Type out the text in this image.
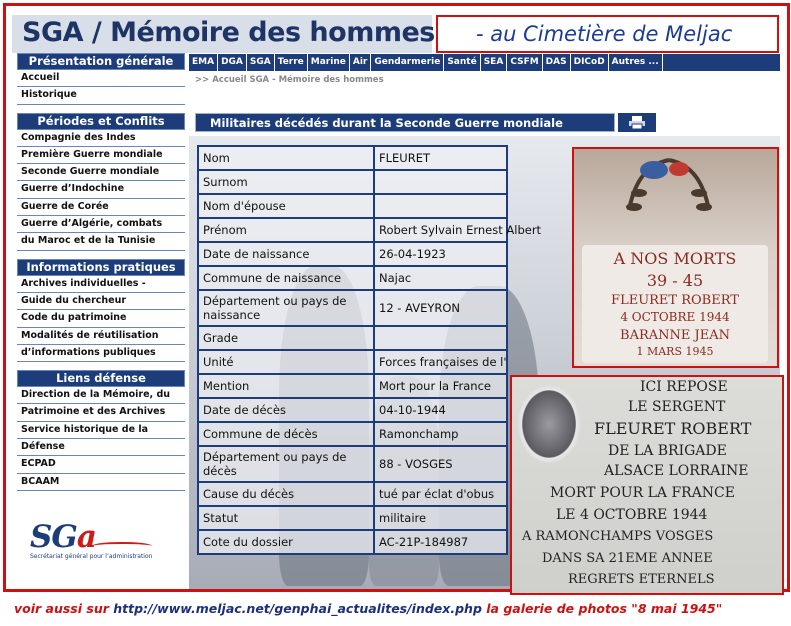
SGA / Mémoire des hommes - au Cimetière de Meljac
Présentation générale
Accueil
Historique
Périodes et Conflits
Compagnie des Indes
Première Guerre mondiale
Seconde Guerre mondiale
Guerre d’Indochine
Guerre de Corée
Guerre d’Algérie, combats
du Maroc et de la Tunisie
Informations pratiques
Archives individuelles -
Guide du chercheur
Code du patrimoine
Modalités de réutilisation
d’informations publiques
Liens défense
Direction de la Mémoire, du
Patrimoine et des Archives
Service historique de la
Défense
ECPAD
BCAAM
SGa
Secrétariat général pour l’administration
EMA DGA SGA Terre Marine Air Gendarmerie Santé SEA CSFM DAS DICoD Autres ...
>> Accueil SGA - Mémoire des hommes
Militaires décédés durant la Seconde Guerre mondiale
Nom	FLEURET
Surnom	
Nom d'épouse	
Prénom	Robert Sylvain Ernest Albert
Date de naissance	26-04-1923
Commune de naissance	Najac
Département ou pays de naissance	12 - AVEYRON
Grade	
Unité	Forces françaises de l'
Mention	Mort pour la France
Date de décès	04-10-1944
Commune de décès	Ramonchamp
Département ou pays de décès	88 - VOSGES
Cause du décès	tué par éclat d'obus
Statut	militaire
Cote du dossier	AC-21P-184987
A NOS MORTS
39 - 45
FLEURET ROBERT
4 OCTOBRE 1944
BARANNE JEAN
1 MARS 1945
ICI REPOSE
LE SERGENT
FLEURET ROBERT
DE LA BRIGADE
ALSACE LORRAINE
MORT POUR LA FRANCE
LE 4 OCTOBRE 1944
A RAMONCHAMPS VOSGES
DANS SA 21EME ANNEE
REGRETS ETERNELS
voir aussi sur http://www.meljac.net/genphai_actualites/index.php la galerie de photos "8 mai 1945"
